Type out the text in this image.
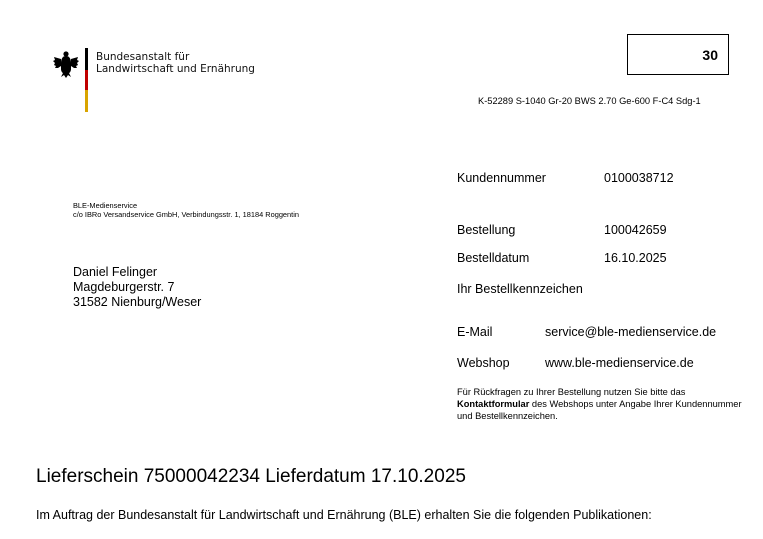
Bundesanstalt für
Landwirtschaft und Ernährung
30
K-52289 S-1040 Gr-20 BWS 2.70 Ge-600 F-C4 Sdg-1
BLE-Medienservice
c/o IBRo Versandservice GmbH, Verbindungsstr. 1, 18184 Roggentin
Daniel Felinger
Magdeburgerstr. 7
31582 Nienburg/Weser
Kundennummer	0100038712
Bestellung	100042659
Bestelldatum	16.10.2025
Ihr Bestellkennzeichen
E-Mail	service@ble-medienservice.de
Webshop	www.ble-medienservice.de
Für Rückfragen zu Ihrer Bestellung nutzen Sie bitte das Kontaktformular des Webshops unter Angabe Ihrer Kundennummer und Bestellkennzeichen.
Lieferschein 75000042234 Lieferdatum 17.10.2025
Im Auftrag der Bundesanstalt für Landwirtschaft und Ernährung (BLE) erhalten Sie die folgenden Publikationen:
